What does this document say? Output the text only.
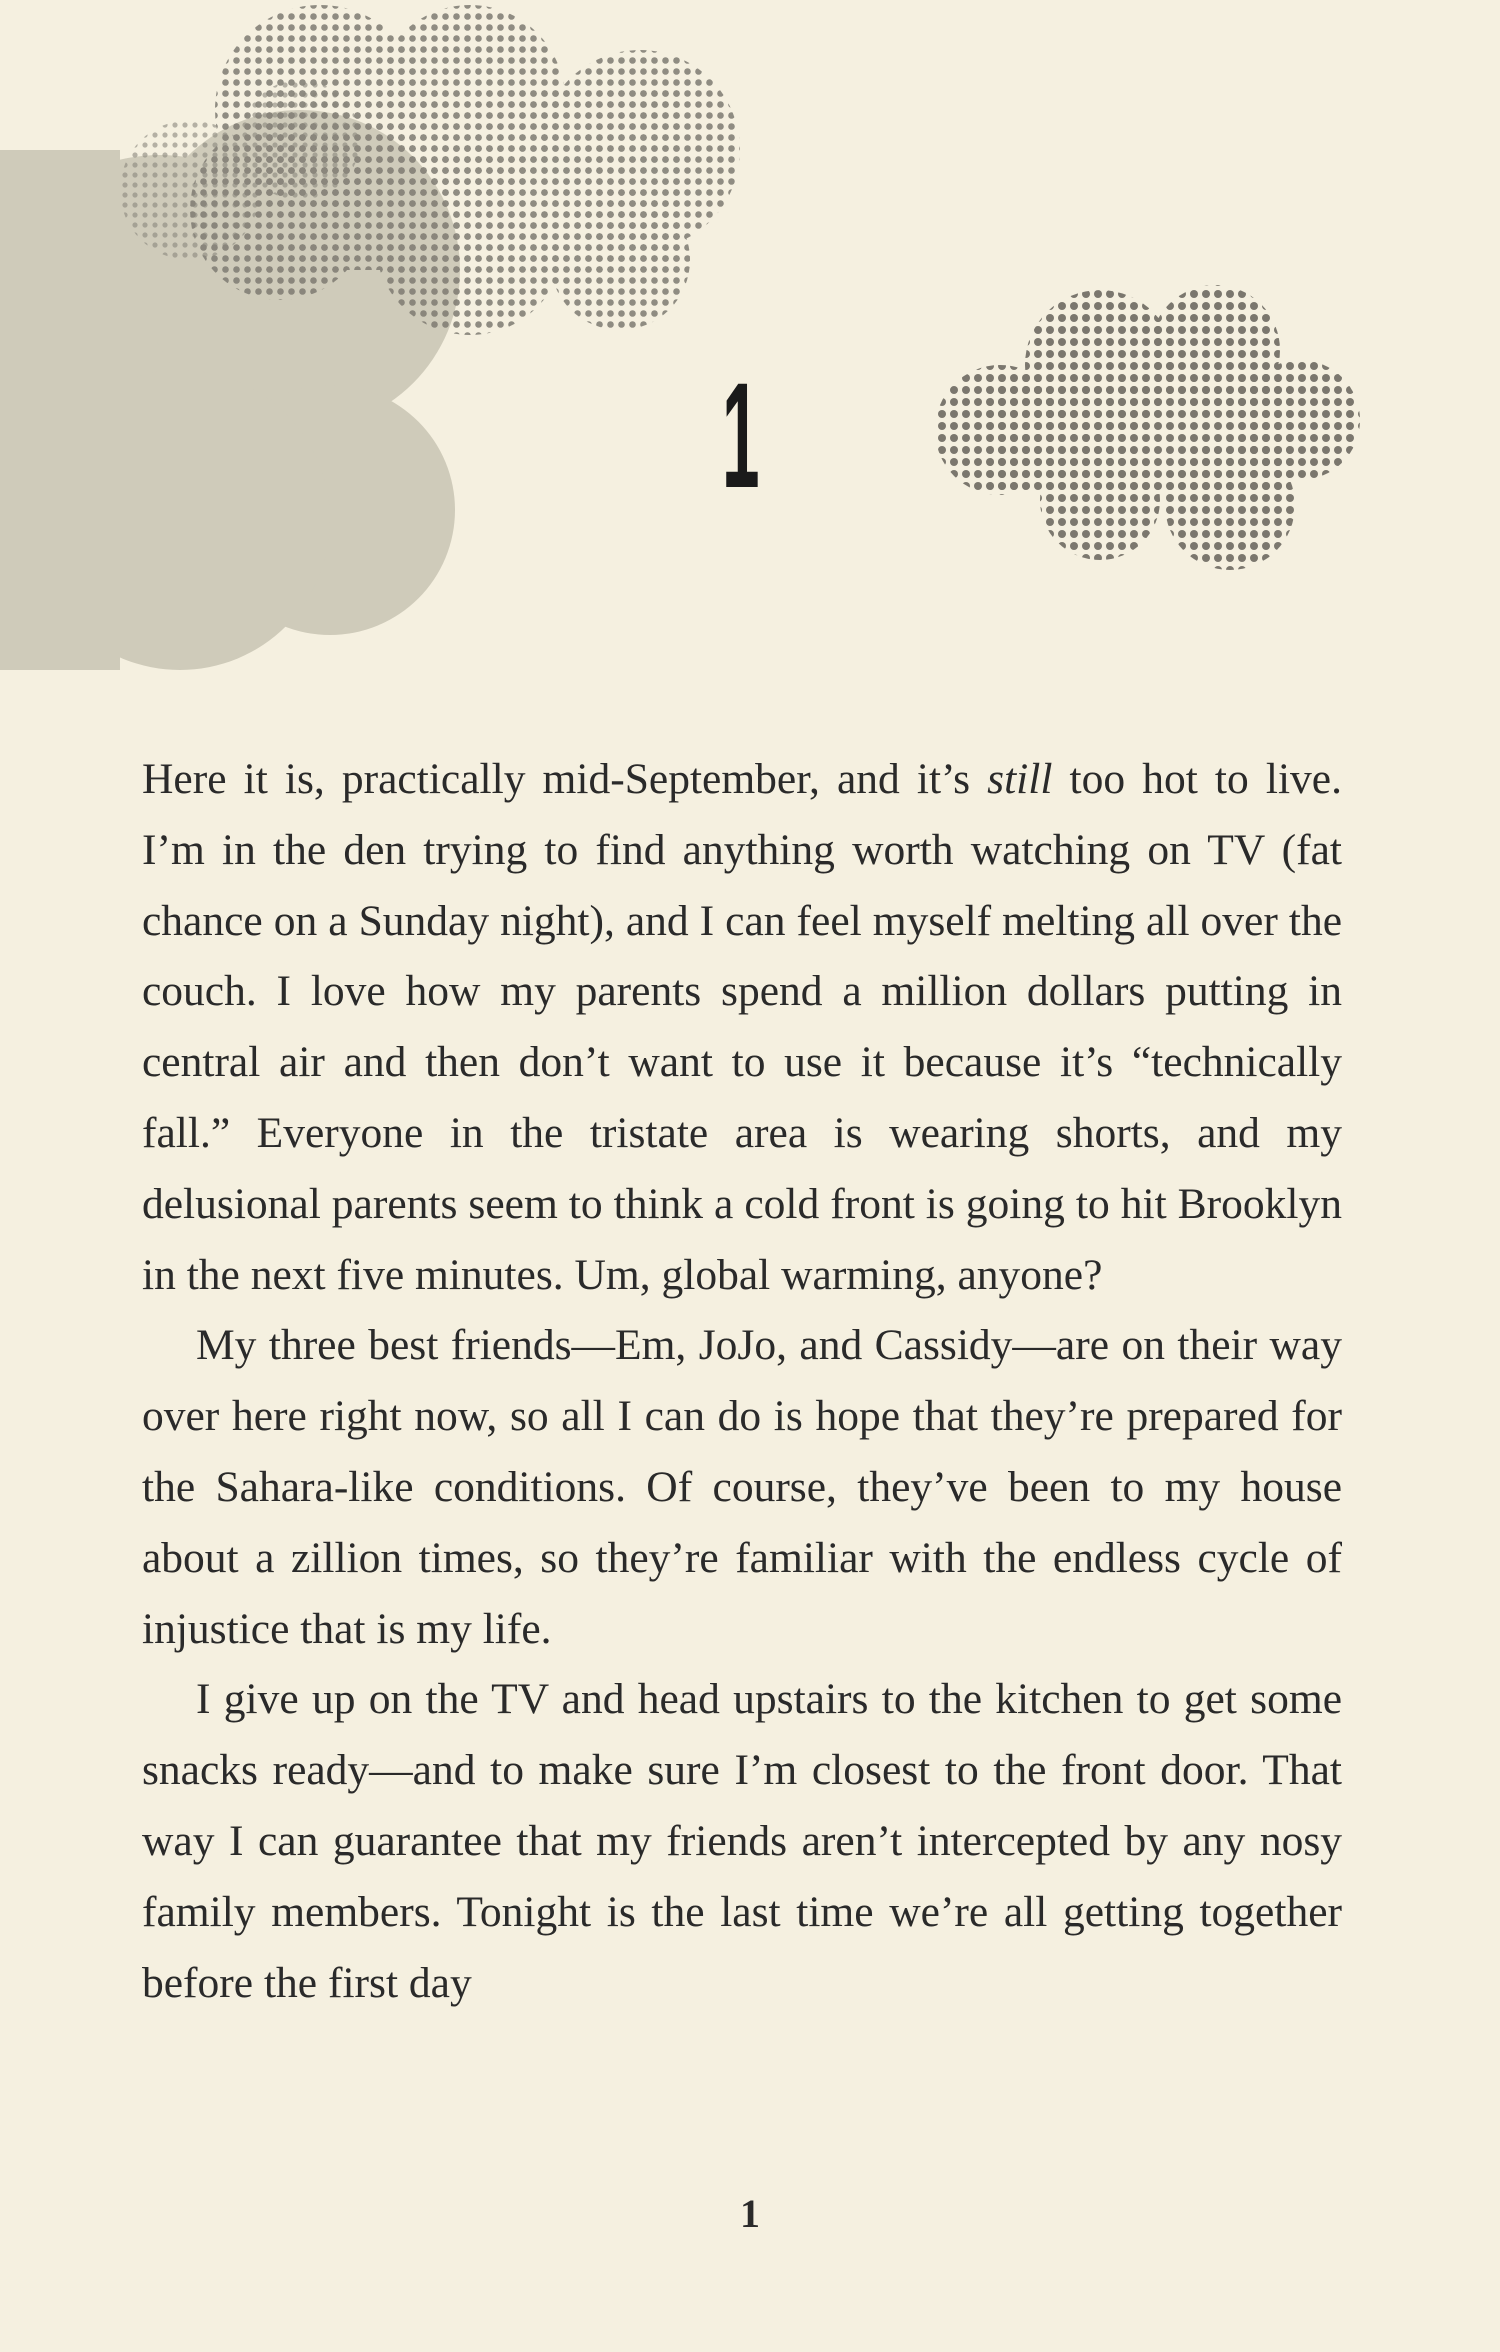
1

Here it is, practically mid-September, and it’s still too hot to live. I’m in the den trying to find anything worth watching on TV (fat chance on a Sunday night), and I can feel myself melting all over the couch. I love how my parents spend a million dollars putting in central air and then don’t want to use it because it’s “technically fall.” Everyone in the tristate area is wearing shorts, and my delusional parents seem to think a cold front is going to hit Brooklyn in the next five minutes. Um, global warming, anyone?

My three best friends—Em, JoJo, and Cassidy—are on their way over here right now, so all I can do is hope that they’re prepared for the Sahara-like conditions. Of course, they’ve been to my house about a zillion times, so they’re familiar with the endless cycle of injustice that is my life.

I give up on the TV and head upstairs to the kitchen to get some snacks ready—and to make sure I’m closest to the front door. That way I can guarantee that my friends aren’t intercepted by any nosy family members. Tonight is the last time we’re all getting together before the first day

1
